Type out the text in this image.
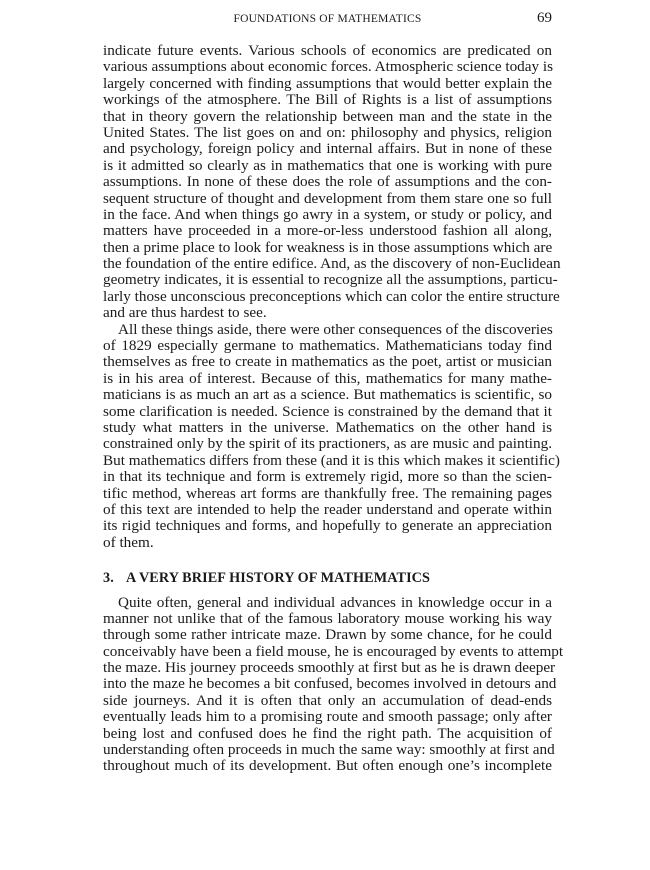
FOUNDATIONS OF MATHEMATICS	69
indicate future events. Various schools of economics are predicated on
various assumptions about economic forces. Atmospheric science today is
largely concerned with finding assumptions that would better explain the
workings of the atmosphere. The Bill of Rights is a list of assumptions
that in theory govern the relationship between man and the state in the
United States. The list goes on and on: philosophy and physics, religion
and psychology, foreign policy and internal affairs. But in none of these
is it admitted so clearly as in mathematics that one is working with pure
assumptions. In none of these does the role of assumptions and the con-
sequent structure of thought and development from them stare one so full
in the face. And when things go awry in a system, or study or policy, and
matters have proceeded in a more-or-less understood fashion all along,
then a prime place to look for weakness is in those assumptions which are
the foundation of the entire edifice. And, as the discovery of non-Euclidean
geometry indicates, it is essential to recognize all the assumptions, particu-
larly those unconscious preconceptions which can color the entire structure
and are thus hardest to see.
All these things aside, there were other consequences of the discoveries
of 1829 especially germane to mathematics. Mathematicians today find
themselves as free to create in mathematics as the poet, artist or musician
is in his area of interest. Because of this, mathematics for many mathe-
maticians is as much an art as a science. But mathematics is scientific, so
some clarification is needed. Science is constrained by the demand that it
study what matters in the universe. Mathematics on the other hand is
constrained only by the spirit of its practioners, as are music and painting.
But mathematics differs from these (and it is this which makes it scientific)
in that its technique and form is extremely rigid, more so than the scien-
tific method, whereas art forms are thankfully free. The remaining pages
of this text are intended to help the reader understand and operate within
its rigid techniques and forms, and hopefully to generate an appreciation
of them.
3. A VERY BRIEF HISTORY OF MATHEMATICS
Quite often, general and individual advances in knowledge occur in a
manner not unlike that of the famous laboratory mouse working his way
through some rather intricate maze. Drawn by some chance, for he could
conceivably have been a field mouse, he is encouraged by events to attempt
the maze. His journey proceeds smoothly at first but as he is drawn deeper
into the maze he becomes a bit confused, becomes involved in detours and
side journeys. And it is often that only an accumulation of dead-ends
eventually leads him to a promising route and smooth passage; only after
being lost and confused does he find the right path. The acquisition of
understanding often proceeds in much the same way: smoothly at first and
throughout much of its development. But often enough one’s incomplete
